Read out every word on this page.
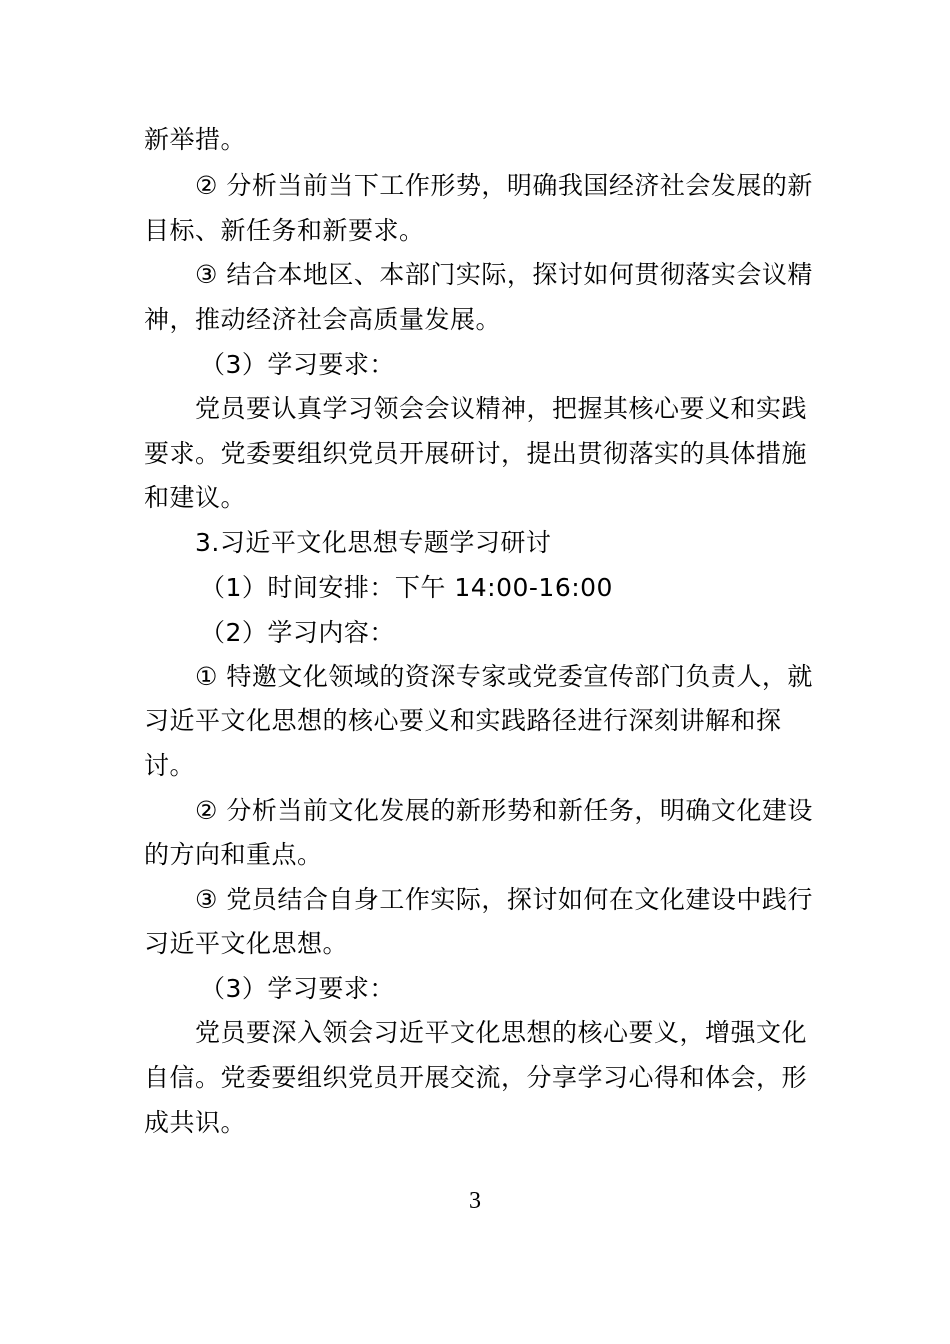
新举措。
② 分析当前当下工作形势，明确我国经济社会发展的新
目标、新任务和新要求。
③ 结合本地区、本部门实际，探讨如何贯彻落实会议精
神，推动经济社会高质量发展。
（3）学习要求：
党员要认真学习领会会议精神，把握其核心要义和实践
要求。党委要组织党员开展研讨，提出贯彻落实的具体措施
和建议。
3.习近平文化思想专题学习研讨
（1）时间安排：下午 14:00-16:00
（2）学习内容：
① 特邀文化领域的资深专家或党委宣传部门负责人，就
习近平文化思想的核心要义和实践路径进行深刻讲解和探
讨。
② 分析当前文化发展的新形势和新任务，明确文化建设
的方向和重点。
③ 党员结合自身工作实际，探讨如何在文化建设中践行
习近平文化思想。
（3）学习要求：
党员要深入领会习近平文化思想的核心要义，增强文化
自信。党委要组织党员开展交流，分享学习心得和体会，形
成共识。
3
